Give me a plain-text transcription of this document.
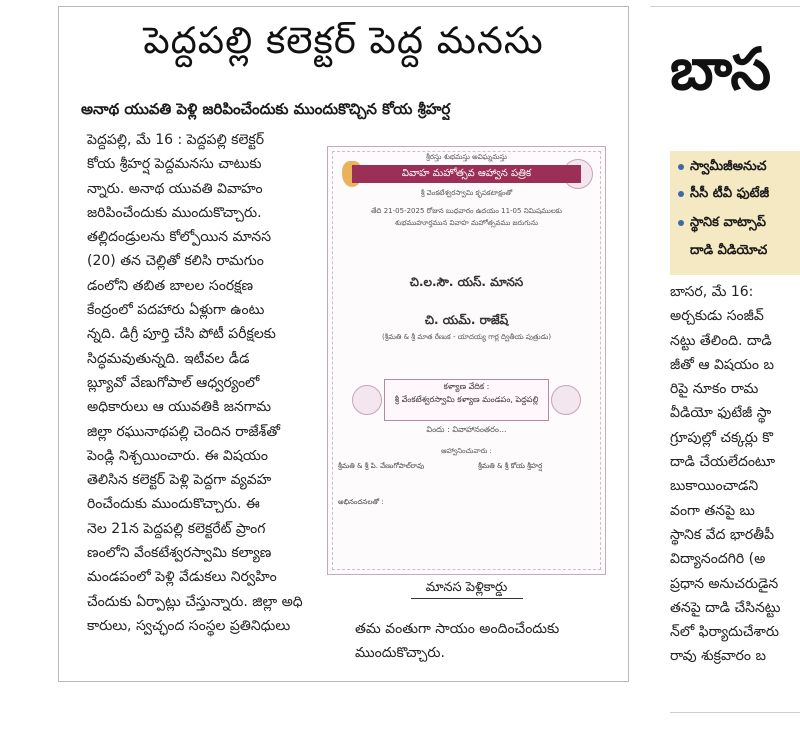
పెద్దపల్లి కలెక్టర్ పెద్ద మనసు
అనాథ యువతి పెళ్లి జరిపించేందుకు ముందుకొచ్చిన కోయ శ్రీహర్ష

పెద్దపల్లి, మే 16 : పెద్దపల్లి కలెక్టర్

కోయ శ్రీహర్ష పెద్దమనసు చాటుకు

న్నారు. అనాథ యువతి వివాహం

జరిపించేందుకు ముందుకొచ్చారు.

తల్లిదండ్రులను కోల్పోయిన మానస

(20) తన చెల్లితో కలిసి రామగుం

డంలోని తబిత బాలల సంరక్షణ

కేంద్రంలో పదహారు ఏళ్లుగా ఉంటు

న్నది. డిగ్రీ పూర్తి చేసి పోటీ పరీక్షలకు

సిద్ధమవుతున్నది. ఇటీవల డీడ

బ్ల్యూవో వేణుగోపాల్ ఆధ్వర్యంలో

అధికారులు ఆ యువతికి జనగామ

జిల్లా రఘునాథపల్లి చెందిన రాజేశ్‌తో

పెండ్లి నిశ్చయించారు. ఈ విషయం

తెలిసిన కలెక్టర్ పెళ్లి పెద్దగా వ్యవహ

రించేందుకు ముందుకొచ్చారు. ఈ

నెల 21న పెద్దపల్లి కలెక్టరేట్ ప్రాంగ

ణంలోని వేంకటేశ్వరస్వామి కల్యాణ

మండపంలో పెళ్లి వేడుకలు నిర్వహిం

చేందుకు ఏర్పాట్లు చేస్తున్నారు. జిల్లా అధి

కారులు, స్వచ్ఛంద సంస్థల ప్రతినిధులు

శ్రీరస్తు శుభమస్తు అవిఘ్నమస్తు
వివాహ మహోత్సవ ఆహ్వాన పత్రిక
శ్రీ వెంకటేశ్వరస్వామి కృపకటాక్షంతో
తేది 21-05-2025 రోజున బుధవారం ఉదయం 11-05 నిమిషములకు
శుభముహూర్తమున వివాహ మహోత్సవము జరుగును
చి.ల.సౌ. యస్. మానస
చి. యమ్. రాజేష్
(శ్రీమతి & శ్రీ మాత రేణుక - యాదయ్య గార్ల ద్వితీయ పుత్రుడు)
కళ్యాణ వేదిక :
శ్రీ వేంకటేశ్వరస్వామి కళ్యాణ మండపం, పెద్దపల్లి
విందు : వివాహానంతరం...
ఆహ్వానించువారు :
శ్రీమతి & శ్రీ పి. వేణుగోపాల్‌రావు	శ్రీమతి & శ్రీ కోయ శ్రీహర్ష
అభినందనలతో :
మానస పెళ్లికార్డు

తమ వంతుగా సాయం అందించేందుకు

ముందుకొచ్చారు.

బాస
స్వామీజీఅనుచ
సీసీ టీవీ ఫుటేజీ
స్థానిక వాట్సాప్
దాడి వీడియోచ

బాసర, మే 16:

అర్చకుడు సంజీవ్

నట్టు తేలింది. దాడి

జీతో ఆ విషయం బ

రిపై నూకం రామ

వీడియో ఫుటేజీ స్థా

గ్రూపుల్లో చక్కర్లు కొ

దాడి చేయలేదంటూ

బుకాయించాడని

వంగా తనపై బు

స్థానిక వేద భారతీపీ

విద్యానందగిరి (అ

ప్రధాన అనుచరుడైన

తనపై దాడి చేసినట్టు

న్‌లో ఫిర్యాదుచేశారు

రావు శుక్రవారం బ
